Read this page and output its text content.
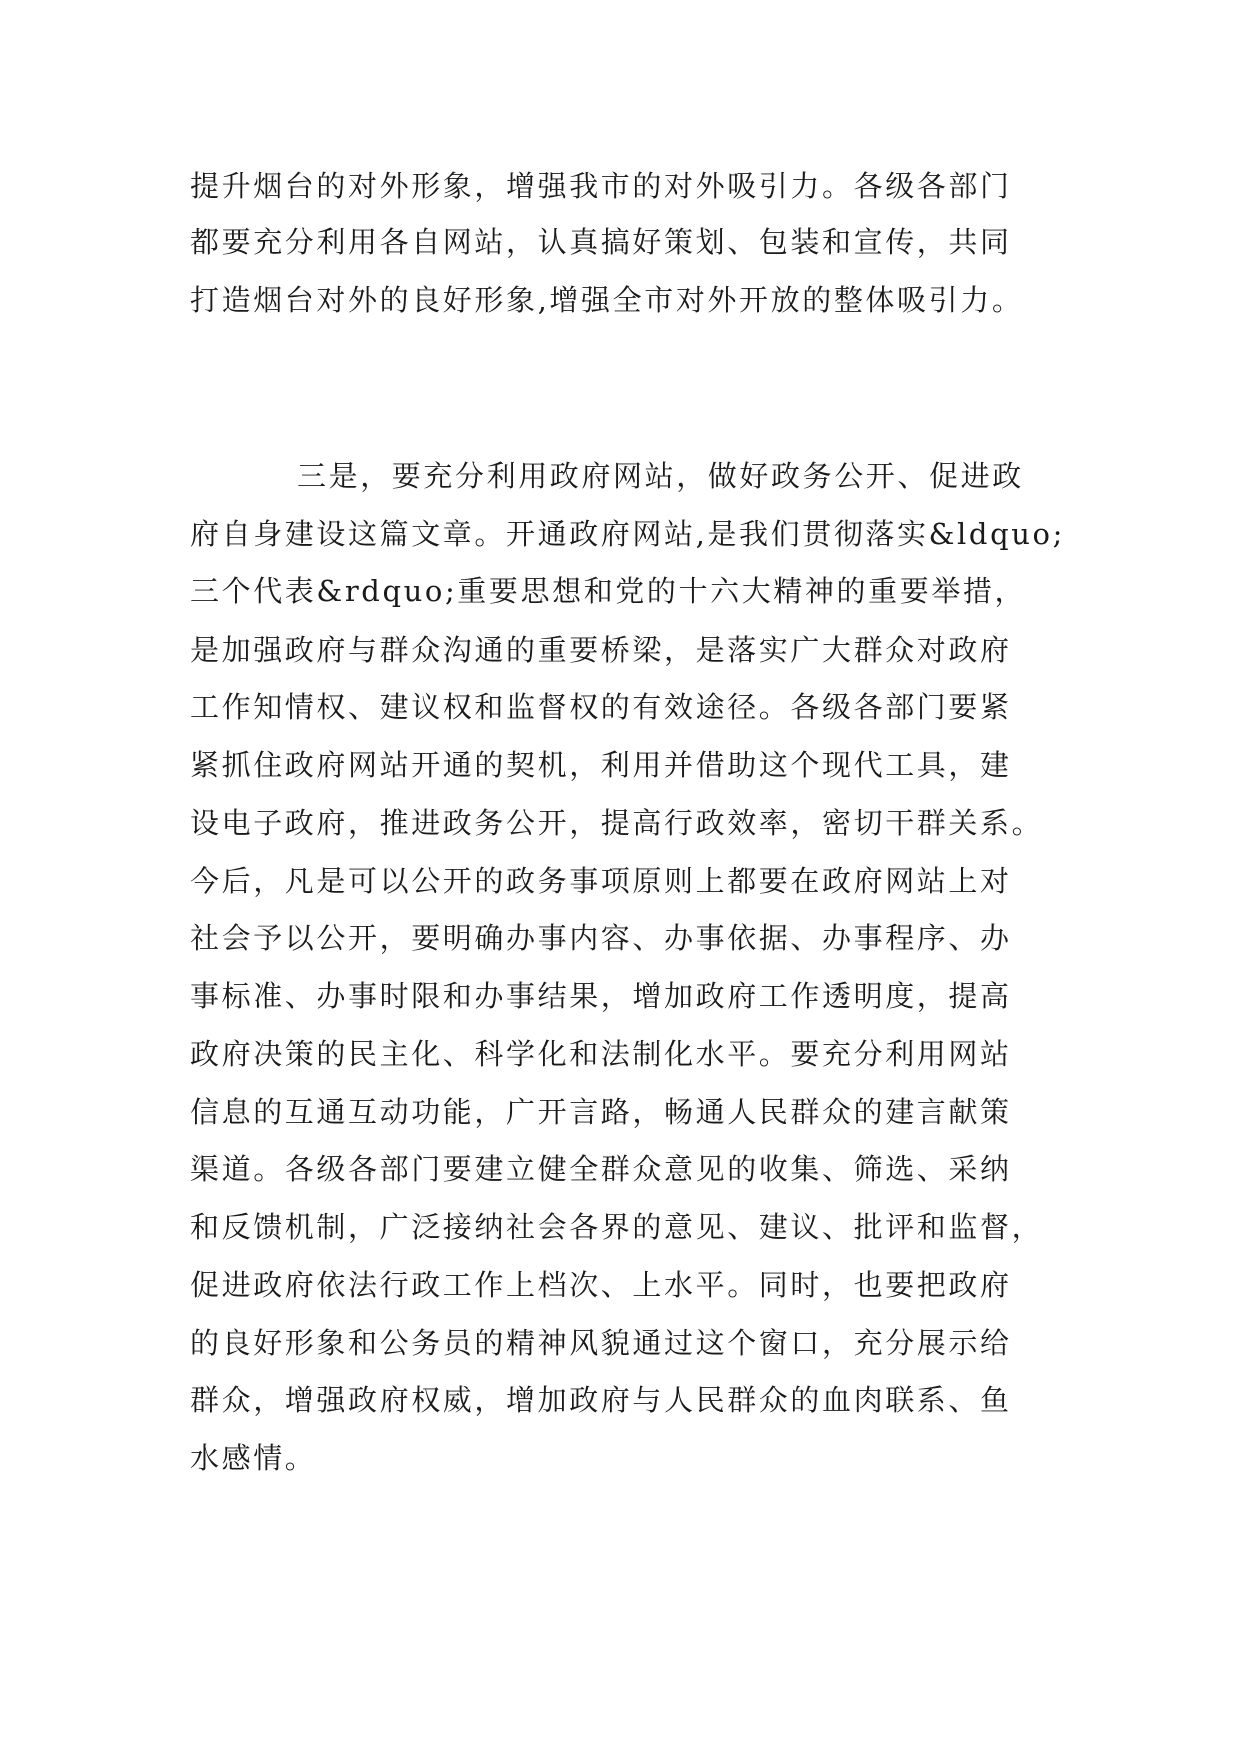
提升烟台的对外形象，增强我市的对外吸引力。各级各部门
都要充分利用各自网站，认真搞好策划、包装和宣传，共同
打造烟台对外的良好形象,增强全市对外开放的整体吸引力。
三是，要充分利用政府网站，做好政务公开、促进政
府自身建设这篇文章。开通政府网站,是我们贯彻落实&ldquo;
三个代表&rdquo;重要思想和党的十六大精神的重要举措，
是加强政府与群众沟通的重要桥梁，是落实广大群众对政府
工作知情权、建议权和监督权的有效途径。各级各部门要紧
紧抓住政府网站开通的契机，利用并借助这个现代工具，建
设电子政府，推进政务公开，提高行政效率，密切干群关系。
今后，凡是可以公开的政务事项原则上都要在政府网站上对
社会予以公开，要明确办事内容、办事依据、办事程序、办
事标准、办事时限和办事结果，增加政府工作透明度，提高
政府决策的民主化、科学化和法制化水平。要充分利用网站
信息的互通互动功能，广开言路，畅通人民群众的建言献策
渠道。各级各部门要建立健全群众意见的收集、筛选、采纳
和反馈机制，广泛接纳社会各界的意见、建议、批评和监督，
促进政府依法行政工作上档次、上水平。同时，也要把政府
的良好形象和公务员的精神风貌通过这个窗口，充分展示给
群众，增强政府权威，增加政府与人民群众的血肉联系、鱼
水感情。
